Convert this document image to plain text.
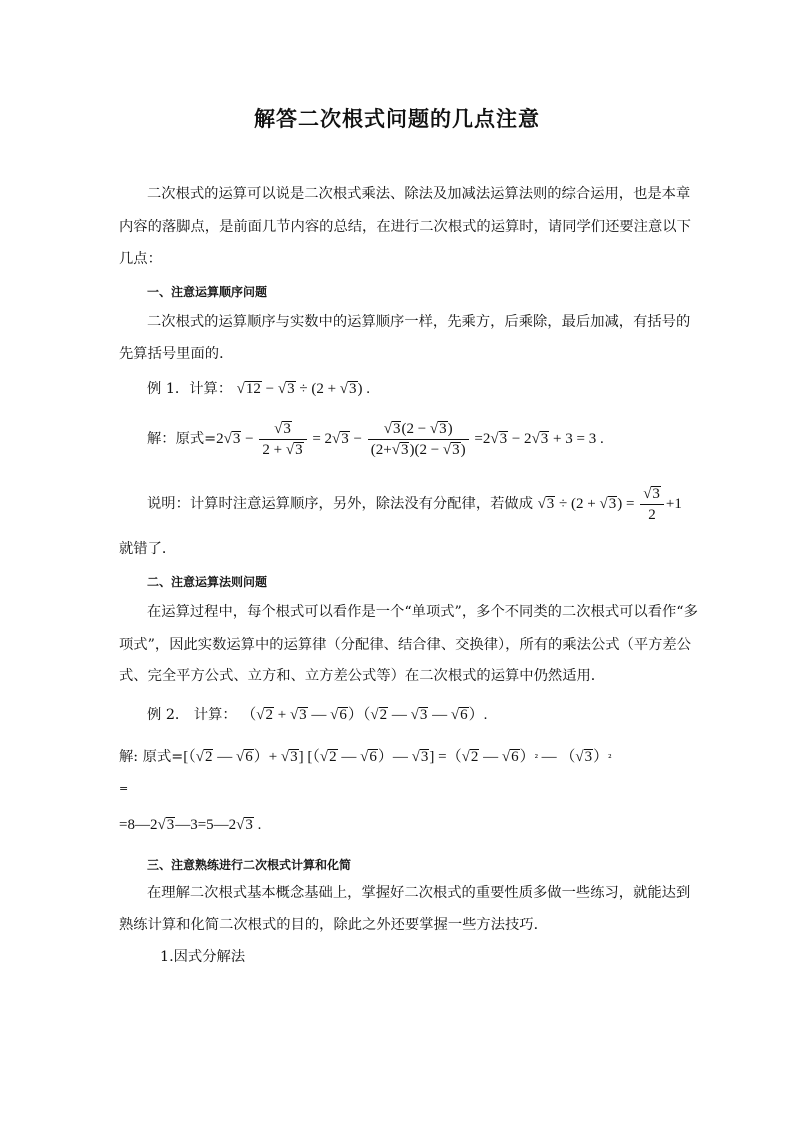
解答二次根式问题的几点注意
二次根式的运算可以说是二次根式乘法、除法及加减法运算法则的综合运用，也是本章
内容的落脚点，是前面几节内容的总结，在进行二次根式的运算时，请同学们还要注意以下
几点：
一、注意运算顺序问题
二次根式的运算顺序与实数中的运算顺序一样，先乘方，后乘除，最后加减，有括号的
先算括号里面的．
例 1．计算： √12 − √3 ÷ (2 + √3) .
解：原式$=2√3 - \frac{√3}{2 + √3} = 2√3 - \frac{√3(2 - √3)}{(2+√3)(2 - √3)} =2√3 - 2√3 + 3 = 3$ .
说明：计算时注意运算顺序，另外，除法没有分配律，若做成 $√3 \div (2 + √3) = \frac{√3}{2} +1$
就错了．
二、注意运算法则问题
在运算过程中，每个根式可以看作是一个“单项式”，多个不同类的二次根式可以看作“多
项式”，因此实数运算中的运算律（分配律、结合律、交换律），所有的乘法公式（平方差公
式、完全平方公式、立方和、立方差公式等）在二次根式的运算中仍然适用．
例 2． 计算： （√2 + √3 — √6）（√2 — √3 — √6）.
解: 原式=[（√2 — √6）+ √3] [（√2 — √6）— √3] =（√2 — √6）² — （√3）²
=
=8—2√3—3=5—2√3 .
三、注意熟练进行二次根式计算和化简
在理解二次根式基本概念基础上，掌握好二次根式的重要性质多做一些练习，就能达到
熟练计算和化简二次根式的目的，除此之外还要掌握一些方法技巧．
1.因式分解法
